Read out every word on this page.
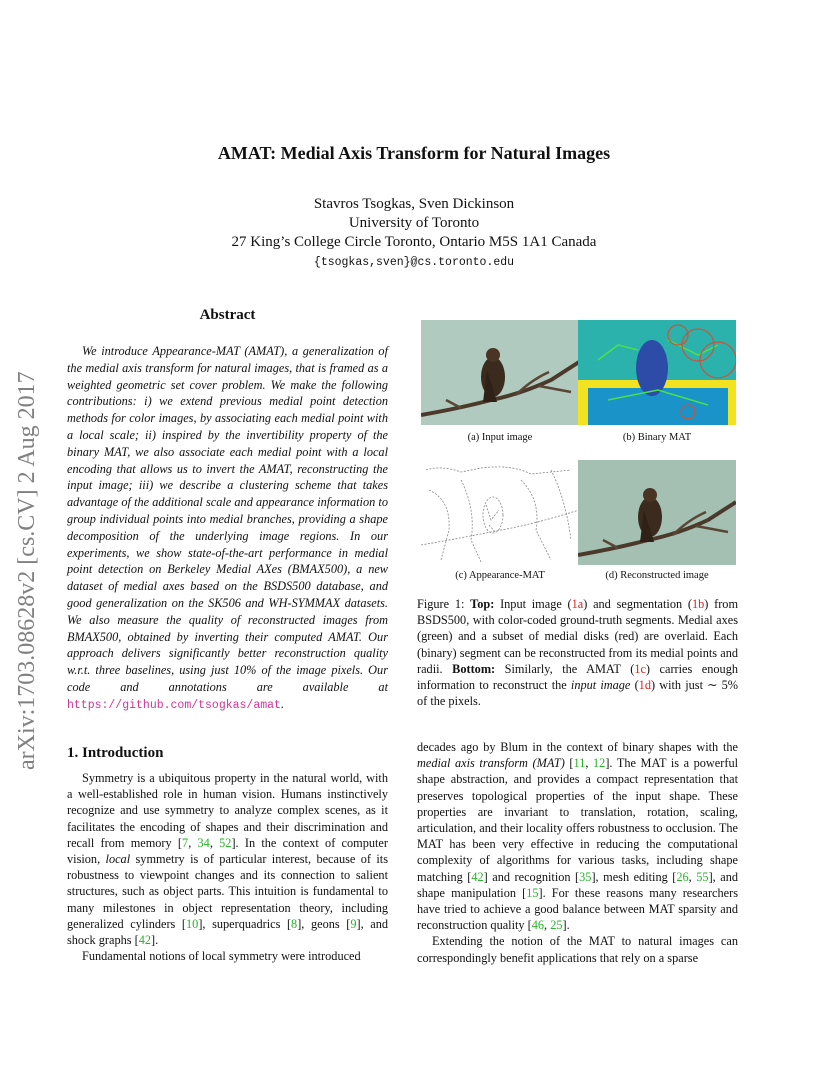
arXiv:1703.08628v2 [cs.CV] 2 Aug 2017
AMAT: Medial Axis Transform for Natural Images
Stavros Tsogkas, Sven Dickinson
University of Toronto
27 King’s College Circle Toronto, Ontario M5S 1A1 Canada
{tsogkas,sven}@cs.toronto.edu
Abstract

We introduce Appearance-MAT (AMAT), a generalization of the medial axis transform for natural images, that is framed as a weighted geometric set cover problem. We make the following contributions: i) we extend previous medial point detection methods for color images, by associating each medial point with a local scale; ii) inspired by the invertibility property of the binary MAT, we also associate each medial point with a local encoding that allows us to invert the AMAT, reconstructing the input image; iii) we describe a clustering scheme that takes advantage of the additional scale and appearance information to group individual points into medial branches, providing a shape decomposition of the underlying image regions. In our experiments, we show state-of-the-art performance in medial point detection on Berkeley Medial AXes (BMAX500), a new dataset of medial axes based on the BSDS500 database, and good generalization on the SK506 and WH-SYMMAX datasets. We also measure the quality of reconstructed images from BMAX500, obtained by inverting their computed AMAT. Our approach delivers significantly better reconstruction quality w.r.t. three baselines, using just 10% of the image pixels. Our code and annotations are available at https://github.com/tsogkas/amat.

(a) Input image	(b) Binary MAT
(c) Appearance-MAT	(d) Reconstructed image
Figure 1: Top: Input image (1a) and segmentation (1b) from BSDS500, with color-coded ground-truth segments. Medial axes (green) and a subset of medial disks (red) are overlaid. Each (binary) segment can be reconstructed from its medial points and radii. Bottom: Similarly, the AMAT (1c) carries enough information to reconstruct the input image (1d) with just ∼ 5% of the pixels.
1. Introduction

Symmetry is a ubiquitous property in the natural world, with a well-established role in human vision. Humans instinctively recognize and use symmetry to analyze complex scenes, as it facilitates the encoding of shapes and their discrimination and recall from memory [7, 34, 52]. In the context of computer vision, local symmetry is of particular interest, because of its robustness to viewpoint changes and its connection to salient structures, such as object parts. This intuition is fundamental to many milestones in object representation theory, including generalized cylinders [10], superquadrics [8], geons [9], and shock graphs [42].

Fundamental notions of local symmetry were introduced

decades ago by Blum in the context of binary shapes with the medial axis transform (MAT) [11, 12]. The MAT is a powerful shape abstraction, and provides a compact representation that preserves topological properties of the input shape. These properties are invariant to translation, rotation, scaling, articulation, and their locality offers robustness to occlusion. The MAT has been very effective in reducing the computational complexity of algorithms for various tasks, including shape matching [42] and recognition [35], mesh editing [26, 55], and shape manipulation [15]. For these reasons many researchers have tried to achieve a good balance between MAT sparsity and reconstruction quality [46, 25].

Extending the notion of the MAT to natural images can correspondingly benefit applications that rely on a sparse
